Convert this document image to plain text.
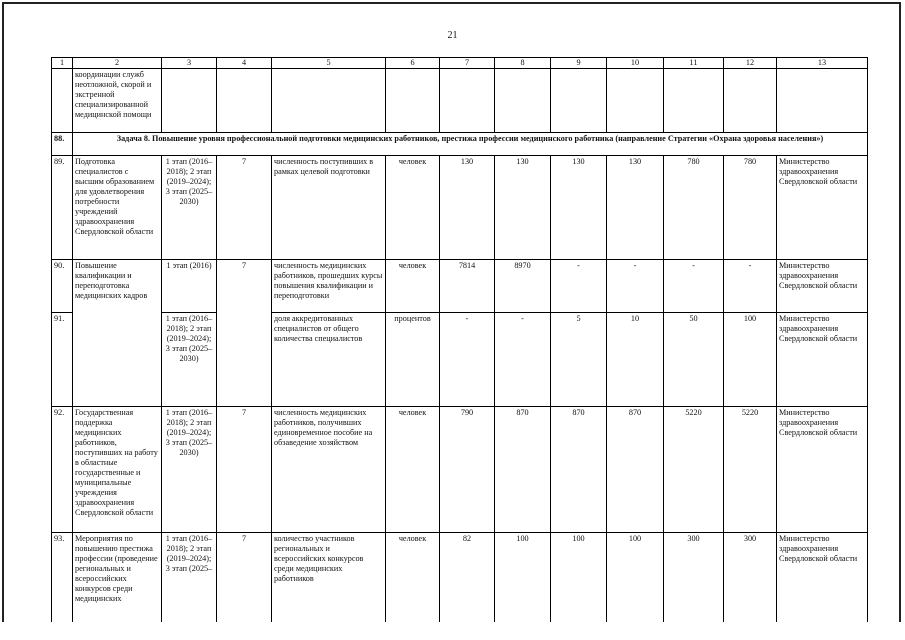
21
1	2	3	4	5	6	7	8	9	10	11	12	13
	координации служб неотложной, скорой и экстренной специализированной медицинской помощи											
88.	Задача 8. Повышение уровня профессиональной подготовки медицинских работников, престижа профессии медицинского работника (направление Стратегии «Охрана здоровья населения»)											
89.	Подготовка специалистов с высшим образованием для удовлетворения потребности учреждений здравоохранения Свердловской области	1 этап (2016–2018); 2 этап (2019–2024); 3 этап (2025–2030)	7	численность поступивших в рамках целевой подготовки	человек	130	130	130	130	780	780	Министерство здравоохранения Свердловской области
90.	Повышение квалификации и переподготовка медицинских кадров	1 этап (2016)	7	численность медицинских работников, прошедших курсы повышения квалификации и переподготовки	человек	7814	8970	-	-	-	-	Министерство здравоохранения Свердловской области
91.		1 этап (2016–2018); 2 этап (2019–2024); 3 этап (2025–2030)		доля аккредитованных специалистов от общего количества специалистов	процентов	-	-	5	10	50	100	Министерство здравоохранения Свердловской области
92.	Государственная поддержка медицинских работников, поступивших на работу в областные государственные и муниципальные учреждения здравоохранения Свердловской области	1 этап (2016–2018); 2 этап (2019–2024); 3 этап (2025–2030)	7	численность медицинских работников, получивших единовременное пособие на обзаведение хозяйством	человек	790	870	870	870	5220	5220	Министерство здравоохранения Свердловской области
93.	Мероприятия по повышению престижа профессии (проведение региональных и всероссийских конкурсов среди медицинских	1 этап (2016–2018); 2 этап (2019–2024); 3 этап (2025–	7	количество участников региональных и всероссийских конкурсов среди медицинских работников	человек	82	100	100	100	300	300	Министерство здравоохранения Свердловской области
